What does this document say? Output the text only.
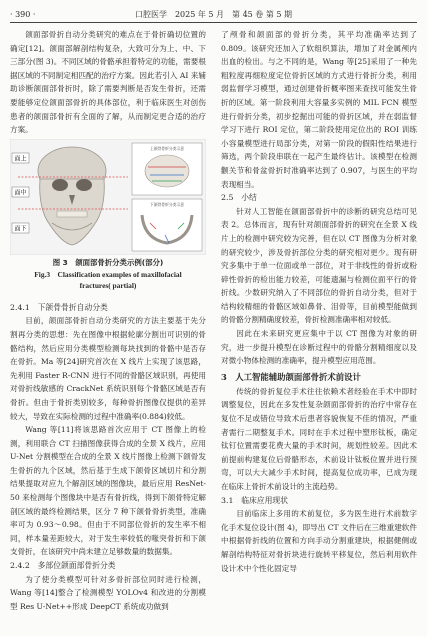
· 390 ·	口腔医学　2025 年 5 月　第 45 卷 第 5 期

颌面部骨折自动分类研究的难点在于骨折确切位置的确定[12]。颌面部解剖结构复杂，大致可分为上、中、下三部分(图 3)。不同区域的骨骼承担着特定的功能，需要根据区域的不同制定相匹配的治疗方案。因此若引入 AI 来辅助诊断颌面部骨折时，除了需要判断是否发生骨折，还需要能够定位颌面部骨折的具体部位，利于临床医生对创伤患者的颌面部骨折有全面的了解，从而制定更合适的治疗方案。

面上
面中
面下
上颌骨骨折分类示意
下颌骨骨折分类示意
图 3　颌面部骨折分类示例(部分)
Fig.3　Classification examples of maxillofacial
fractures( partial)
2.4.1　下颌骨骨折自动分类

目前，颌面部骨折自动分类研究的方法主要基于先分割再分类的思想：先在图像中根据轮廓分割出可识别的骨骼结构，然后应用分类模型检测每块找到的骨骼中是否存在骨折。Ma 等[24]研究首次在 X 线片上实现了该思路，先利用 Faster R-CNN 进行不同的骨骼区域识别，再使用对骨折线敏感的 CrackNet 系统识别每个骨骼区域是否有骨折。但由于骨折类别较多，每种骨折图像仅提供的差异较大，导致在实际检测的过程中准确率(0.884)较低。

Wang 等[11]将该思路首次应用于 CT 图像上的检测，利用联合 CT 扫描图像获得合成的全景 X 线片，应用 U-Net 分割模型在合成的全景 X 线片图像上检测下颌骨发生骨折的九个区域，然后基于生成下颌骨区域切片和分割结果提取对应九个解剖区域的图像块，最后应用 ResNet-50 来检测每个图像块中是否有骨折线，得到下颌骨特定解剖区域的最终检测结果，区分 7 种下颌骨骨折类型，准确率可为 0.93～0.98。但由于不同部位骨折的发生率不相同，样本量差距较大，对于发生率较低的喙突骨折和下颌支骨折，在该研究中尚未建立足够数量的数据集。

2.4.2　多部位颌面部骨折分类

为了使分类模型可针对多骨折部位同时进行检测，Wang 等[14]整合了检测模型 YOLOv4 和改进的分割模型 Res U-Net++形成 DeepCT 系统成功做到

了颅骨和颌面部的骨折分类，其平均准确率达到了 0.809。该研究还加入了软组织算法，增加了对金属颅内出血的检出。与之不同的是，Wang 等[25]采用了一种先粗粒度再细粒度定位骨折区域的方式进行骨折分类，利用弱监督学习模型，通过创建骨折概率图来查找可能发生骨折的区域。第一阶段利用大容量多实例的 MIL FCN 模型进行骨折分类，初步挖掘出可能的骨折区域，并在弱监督学习下进行 ROI 定位，第二阶段使用定位出的 ROI 训练小容量模型进行局部分类，对第一阶段的假阳性结果进行筛选，两个阶段串联在一起产生最终估计。该模型在检测颧关节和骨盆骨折时准确率达到了 0.907，与医生的平均表现相当。

2.5　小结

针对人工智能在颌面部骨折中的诊断的研究总结可见表 2。总体而言，现有针对颌面部骨折的研究在全景 X 线片上的检测中研究较为完善，但在以 CT 图像为分析对象的研究较少，涉及骨折部位分类的研究相对更少。现有研究多集中于单一位面或单一部位，对于非线性的骨折或粉碎性骨折的检出能力较差，可能遗漏与检测位面平行的骨折线。少数研究纳入了不同部位的骨折自动分类，但对于结构较精细的骨骼区域如鼻骨、泪骨等，目前模型能做到的骨骼分割精确度较差，骨折检测准确率相对较低。

因此在未来研究更应集中于以 CT 图像为对象的研究，进一步提升模型在诊断过程中的骨骼分割精细度以及对微小物体检测的准确率，提升模型应用范围。

3　人工智能辅助颌面部骨折术前设计

传统的骨折复位手术往往依赖术者经验在手术中即时调整复位，因此在多发性复杂颌面部骨折的治疗中常存在复位不足或错位导致术后患者容貌恢复不佳的情况，严重者需行二期整复手术。同时在手术过程中塑形钛板，确定钛钉位置需要花费大量的手术时间，规划性较差。因此术前提前构建复位后骨骼形态，术前设计钛板位置并进行预弯，可以大大减少手术时间，提高复位成功率，已成为现在临床上骨折术前设计的主流趋势。

3.1　临床应用现状

目前临床上多用的术前复位，多为医生进行术前数字化手术复位设计(图 4)，即导出 CT 文件后在三维重建软件中根据骨折线的位置和方向手动分割重建块，根据健侧或解剖结构特征对骨折块进行旋转平移复位，然后利用软件设计术中个性化固定导
